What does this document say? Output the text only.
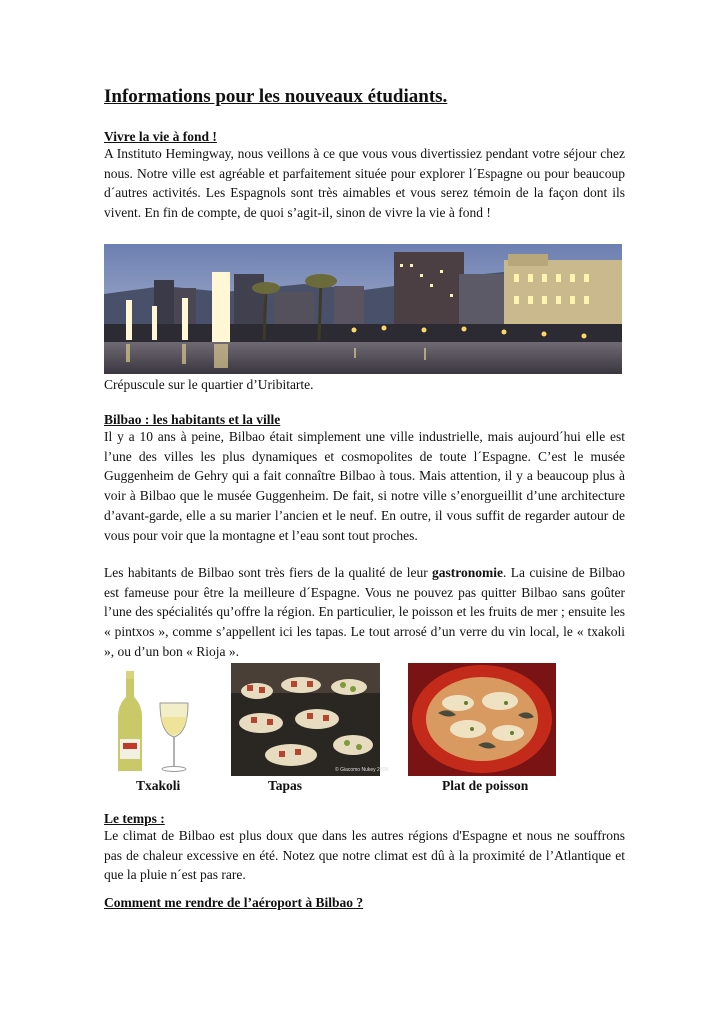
Informations pour les nouveaux étudiants.
Vivre la vie à fond !

A Instituto Hemingway, nous veillons à ce que vous vous divertissiez pendant votre séjour chez nous. Notre ville est agréable et parfaitement située pour explorer l´Espagne ou pour beaucoup d´autres activités. Les Espagnols sont très aimables et vous serez témoin de la façon dont ils vivent. En fin de compte, de quoi s’agit-il, sinon de vivre la vie à fond !

Crépuscule sur le quartier d’Uribitarte.

Bilbao : les habitants et la ville

Il y a 10 ans à peine, Bilbao était simplement une ville industrielle, mais aujourd´hui elle est l’une des villes les plus dynamiques et cosmopolites de toute l´Espagne. C’est le musée Guggenheim de Gehry qui a fait connaître Bilbao à tous. Mais attention, il y a beaucoup plus à voir à Bilbao que le musée Guggenheim. De fait, si notre ville s’enorgueillit d’une architecture d’avant-garde, elle a su marier l’ancien et le neuf. En outre, il vous suffit de regarder autour de vous pour voir que la montagne et l’eau sont tout proches.

Les habitants de Bilbao sont très fiers de la qualité de leur gastronomie. La cuisine de Bilbao est fameuse pour être la meilleure d´Espagne. Vous ne pouvez pas quitter Bilbao sans goûter l’une des spécialités qu’offre la région. En particulier, le poisson et les fruits de mer ; ensuite les « pintxos », comme s’appellent ici les tapas. Le tout arrosé d’un verre du vin local, le « txakoli », ou d’un bon « Rioja ».

© Giacomo Nukey 2008

Txakoli	Tapas	Plat de poisson

Le temps :

Le climat de Bilbao est plus doux que dans les autres régions d'Espagne et nous ne souffrons pas de chaleur excessive en été. Notez que notre climat est dû à la proximité de l’Atlantique et que la pluie n´est pas rare.

Comment me rendre de l’aéroport à Bilbao ?
